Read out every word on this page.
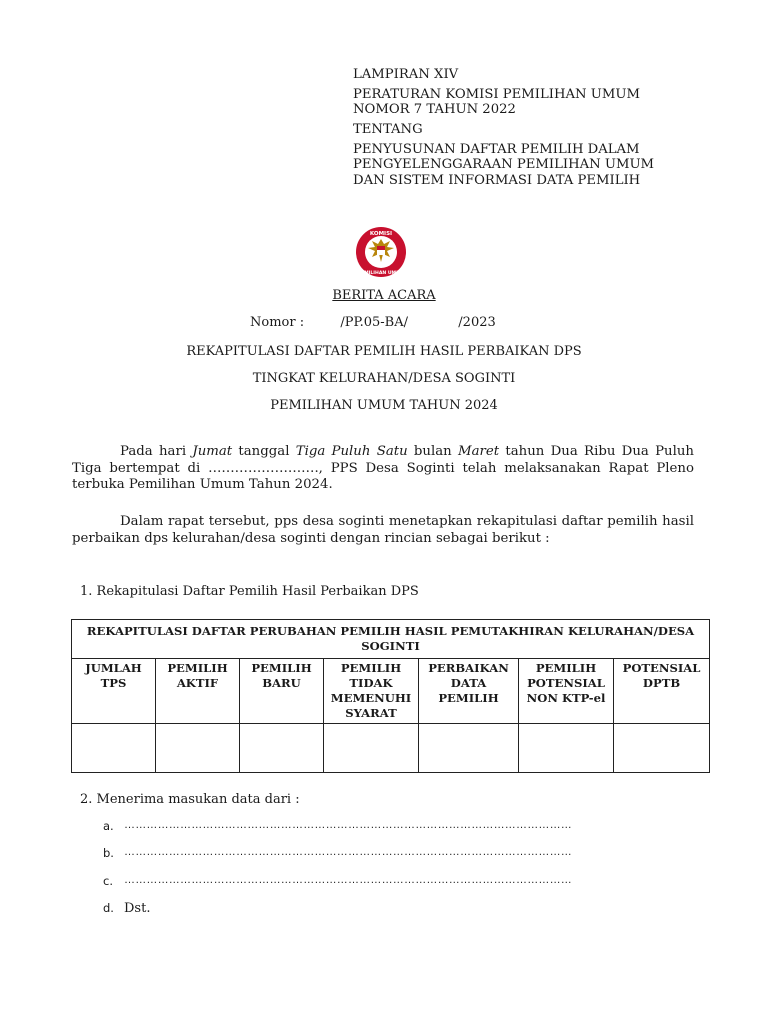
LAMPIRAN XIV

PERATURAN KOMISI PEMILIHAN UMUM

NOMOR 7 TAHUN 2022

TENTANG

PENYUSUNAN DAFTAR PEMILIH DALAM

PENGYELENGGARAAN PEMILIHAN UMUM

DAN SISTEM INFORMASI DATA PEMILIH

KOMISI
PEMILIHAN UMUM
BERITA ACARA
Nomor :	/PP.05-BA/	/2023
REKAPITULASI DAFTAR PEMILIH HASIL PERBAIKAN DPS
TINGKAT KELURAHAN/DESA SOGINTI
PEMILIHAN UMUM TAHUN 2024
Pada hari Jumat tanggal Tiga Puluh Satu bulan Maret tahun Dua Ribu Dua Puluh Tiga bertempat di ……………………., PPS Desa Soginti telah melaksanakan Rapat Pleno terbuka Pemilihan Umum Tahun 2024.
Dalam rapat tersebut, pps desa soginti menetapkan rekapitulasi daftar pemilih hasil perbaikan dps kelurahan/desa soginti dengan rincian sebagai berikut :
1. Rekapitulasi Daftar Pemilih Hasil Perbaikan DPS
REKAPITULASI DAFTAR PERUBAHAN PEMILIH HASIL PEMUTAKHIRAN KELURAHAN/DESA SOGINTI						
JUMLAH TPS	PEMILIH AKTIF	PEMILIH BARU	PEMILIH TIDAK MEMENUHI SYARAT	PERBAIKAN DATA PEMILIH	PEMILIH POTENSIAL NON KTP-el	POTENSIAL DPTB

2. Menerima masukan data dari :
a. …………………………………………………………………………………………………………
b. …………………………………………………………………………………………………………
c. …………………………………………………………………………………………………………
d. Dst.
